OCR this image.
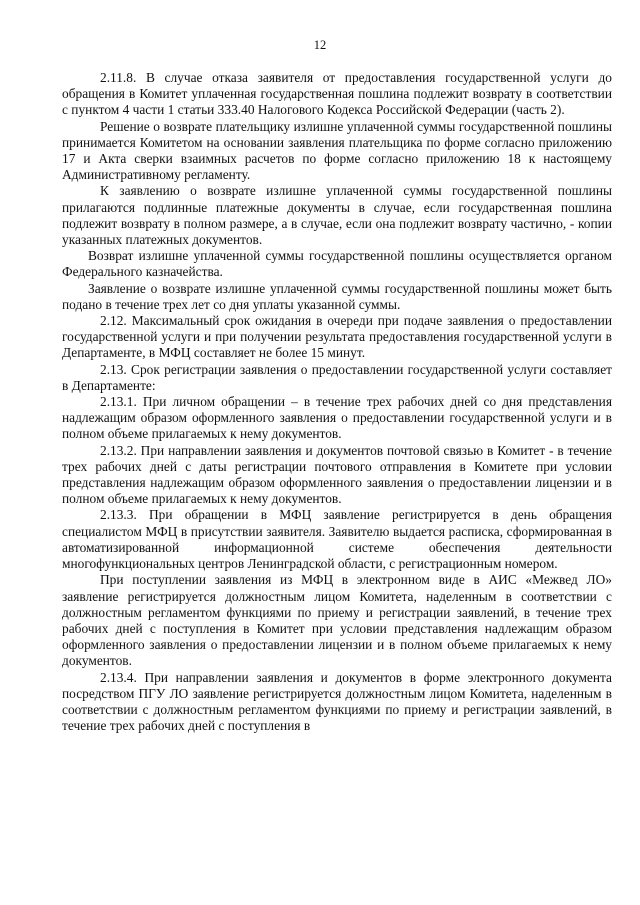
12

2.11.8. В случае отказа заявителя от предоставления государственной услуги до обращения в Комитет уплаченная государственная пошлина подлежит возврату в соответствии с пунктом 4 части 1 статьи 333.40 Налогового Кодекса Российской Федерации (часть 2).

Решение о возврате плательщику излишне уплаченной суммы государственной пошлины принимается Комитетом на основании заявления плательщика по форме согласно приложению 17 и Акта сверки взаимных расчетов по форме согласно приложению 18 к настоящему Административному регламенту.

К заявлению о возврате излишне уплаченной суммы государственной пошлины прилагаются подлинные платежные документы в случае, если государственная пошлина подлежит возврату в полном размере, а в случае, если она подлежит возврату частично, - копии указанных платежных документов.

Возврат излишне уплаченной суммы государственной пошлины осуществляется органом Федерального казначейства.

Заявление о возврате излишне уплаченной суммы государственной пошлины может быть подано в течение трех лет со дня уплаты указанной суммы.

2.12. Максимальный срок ожидания в очереди при подаче заявления о предоставлении государственной услуги и при получении результата предоставления государственной услуги в Департаменте, в МФЦ составляет не более 15 минут.

2.13. Срок регистрации заявления о предоставлении государственной услуги составляет в Департаменте:

2.13.1. При личном обращении – в течение трех рабочих дней со дня представления надлежащим образом оформленного заявления о предоставлении государственной услуги и в полном объеме прилагаемых к нему документов.

2.13.2. При направлении заявления и документов почтовой связью в Комитет - в течение трех рабочих дней с даты регистрации почтового отправления в Комитете при условии представления надлежащим образом оформленного заявления о предоставлении лицензии и в полном объеме прилагаемых к нему документов.

2.13.3. При обращении в МФЦ заявление регистрируется в день обращения специалистом МФЦ в присутствии заявителя. Заявителю выдается расписка, сформированная в автоматизированной информационной системе обеспечения деятельности многофункциональных центров Ленинградской области, с регистрационным номером.

При поступлении заявления из МФЦ в электронном виде в АИС «Межвед ЛО» заявление регистрируется должностным лицом Комитета, наделенным в соответствии с должностным регламентом функциями по приему и регистрации заявлений, в течение трех рабочих дней с поступления в Комитет при условии представления надлежащим образом оформленного заявления о предоставлении лицензии и в полном объеме прилагаемых к нему документов.

2.13.4. При направлении заявления и документов в форме электронного документа посредством ПГУ ЛО заявление регистрируется должностным лицом Комитета, наделенным в соответствии с должностным регламентом функциями по приему и регистрации заявлений, в течение трех рабочих дней с поступления в
